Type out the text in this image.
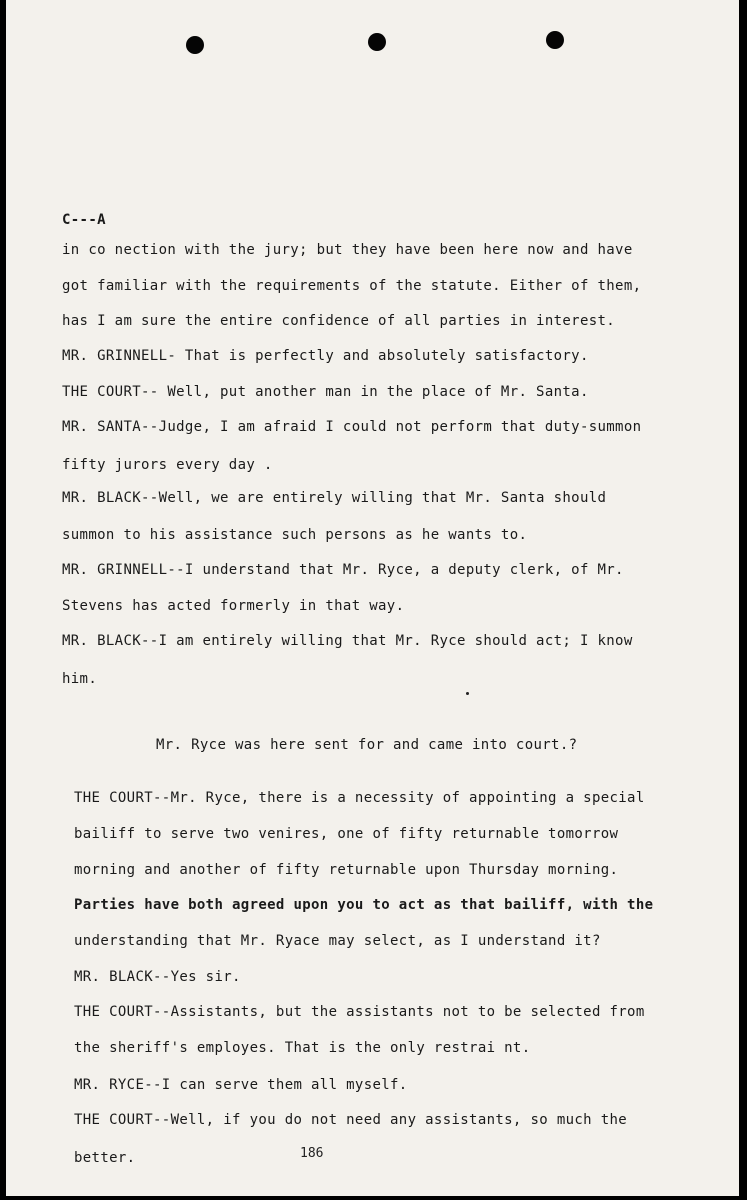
C---A
in co nection with the jury; but they have been here now and have
got familiar with the requirements of the statute. Either of them,
has I am sure the entire confidence of all parties in interest.
MR. GRINNELL- That is perfectly and absolutely satisfactory.
THE COURT-- Well, put another man in the place of Mr. Santa.
MR. SANTA--Judge, I am afraid I could not perform that duty-summon
fifty jurors every day .
MR. BLACK--Well, we are entirely willing that Mr. Santa should
summon to his assistance such persons as he wants to.
MR. GRINNELL--I understand that Mr. Ryce, a deputy clerk, of Mr.
Stevens has acted formerly in that way.
MR. BLACK--I am entirely willing that Mr. Ryce should act; I know
him.
Mr. Ryce was here sent for and came into court.?
THE COURT--Mr. Ryce, there is a necessity of appointing a special
bailiff to serve two venires, one of fifty returnable tomorrow
morning and another of fifty returnable upon Thursday morning.
Parties have both agreed upon you to act as that bailiff, with the
understanding that Mr. Ryace may select, as I understand it?
MR. BLACK--Yes sir.
THE COURT--Assistants, but the assistants not to be selected from
the sheriff's employes. That is the only restrai nt.
MR. RYCE--I can serve them all myself.
THE COURT--Well, if you do not need any assistants, so much the
better.	186
